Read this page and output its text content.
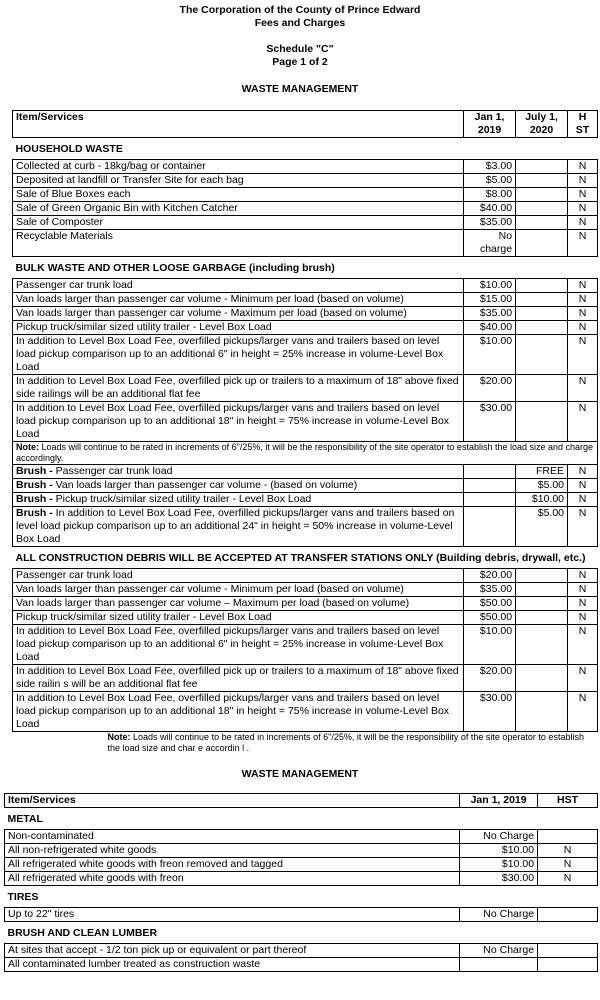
The Corporation of the County of Prince Edward
Fees and Charges
Schedule "C"
Page 1 of 2
WASTE MANAGEMENT
Item/Services	Jan 1, 2019	July 1, 2020	H ST
HOUSEHOLD WASTE			
Collected at curb - 18kg/bag or container	$3.00		N
Deposited at landfill or Transfer Site for each bag	$5.00		N
Sale of Blue Boxes each	$8.00		N
Sale of Green Organic Bin with Kitchen Catcher	$40.00		N
Sale of Composter	$35.00		N
Recyclable Materials	No charge		N
BULK WASTE AND OTHER LOOSE GARBAGE (including brush)			
Passenger car trunk load	$10.00		N
Van loads larger than passenger car volume - Minimum per load (based on volume)	$15.00		N
Van loads larger than passenger car volume - Maximum per load (based on volume)	$35.00		N
Pickup truck/similar sized utility trailer - Level Box Load	$40.00		N
In addition to Level Box Load Fee, overfilled pickups/larger vans and trailers based on level load pickup comparison up to an additional 6" in height = 25% increase in volume-Level Box Load	$10.00		N
In addition to Level Box Load Fee, overfilled pick up or trailers to a maximum of 18" above fixed side railings will be an additional flat fee	$20.00		N
In addition to Level Box Load Fee, overfilled pickups/larger vans and trailers based on level load pickup comparison up to an additional 18" in height = 75% increase in volume-Level Box Load	$30.00		N
Note: Loads will continue to be rated in increments of 6"/25%, it will be the responsibility of the site operator to establish the load size and charge accordingly.			
Brush - Passenger car trunk load		FREE	N
Brush - Van loads larger than passenger car volume - (based on volume)		$5.00	N
Brush - Pickup truck/similar sized utility trailer - Level Box Load		$10.00	N
Brush - In addition to Level Box Load Fee, overfilled pickups/larger vans and trailers based on level load pickup comparison up to an additional 24" in height = 50% increase in volume-Level Box Load		$5.00	N
ALL CONSTRUCTION DEBRIS WILL BE ACCEPTED AT TRANSFER STATIONS ONLY (Building debris, drywall, etc.)			
Passenger car trunk load	$20.00		N
Van loads larger than passenger car volume - Minimum per load (based on volume)	$35.00		N
Van loads larger than passenger car volume – Maximum per load (based on volume)	$50.00		N
Pickup truck/similar sized utility trailer - Level Box Load	$50.00		N
In addition to Level Box Load Fee, overfilled pickups/larger vans and trailers based on level load pickup comparison up to an additional 6" in height = 25% increase in volume-Level Box Load	$10.00		N
In addition to Level Box Load Fee, overfilled pick up or trailers to a maximum of 18" above fixed side railin s will be an additional flat fee	$20.00		N
In addition to Level Box Load Fee, overfilled pickups/larger vans and trailers based on level load pickup comparison up to an additional 18" in height = 75% increase in volume-Level Box Load	$30.00		N
Note: Loads will continue to be rated in increments of 6"/25%, it will be the responsibility of the site operator to establish the load size and char e accordin l .			
WASTE MANAGEMENT
Item/Services	Jan 1, 2019	HST
METAL		
Non-contaminated	No Charge	
All non-refrigerated white goods	$10.00	N
All refrigerated white goods with freon removed and tagged	$10.00	N
All refrigerated white goods with freon	$30.00	N
TIRES		
Up to 22" tires	No Charge	
BRUSH AND CLEAN LUMBER		
At sites that accept - 1/2 ton pick up or equivalent or part thereof	No Charge	
All contaminated lumber treated as construction waste		
